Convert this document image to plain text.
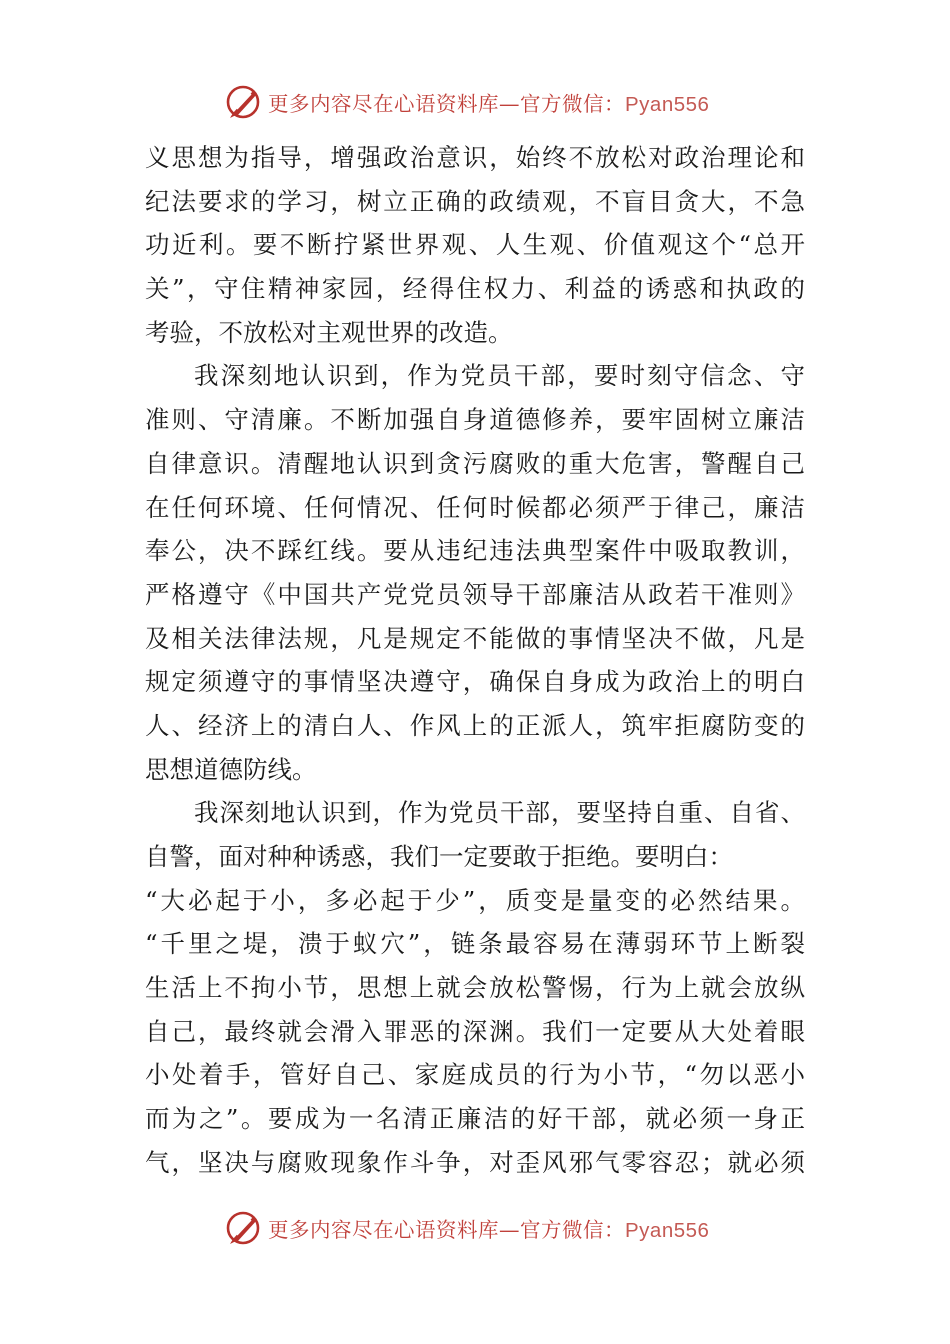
更多内容尽在心语资料库—官方微信：Pyan556

义思想为指导，增强政治意识，始终不放松对政治理论和

纪法要求的学习，树立正确的政绩观，不盲目贪大，不急

功近利。要不断拧紧世界观、人生观、价值观这个“总开

关”，守住精神家园，经得住权力、利益的诱惑和执政的

考验，不放松对主观世界的改造。

我深刻地认识到，作为党员干部，要时刻守信念、守

准则、守清廉。不断加强自身道德修养，要牢固树立廉洁

自律意识。清醒地认识到贪污腐败的重大危害，警醒自己

在任何环境、任何情况、任何时候都必须严于律己，廉洁

奉公，决不踩红线。要从违纪违法典型案件中吸取教训，

严格遵守《中国共产党党员领导干部廉洁从政若干准则》

及相关法律法规，凡是规定不能做的事情坚决不做，凡是

规定须遵守的事情坚决遵守，确保自身成为政治上的明白

人、经济上的清白人、作风上的正派人，筑牢拒腐防变的

思想道德防线。

我深刻地认识到，作为党员干部，要坚持自重、自省、

自警，面对种种诱惑，我们一定要敢于拒绝。要明白：

“大必起于小，多必起于少”，质变是量变的必然结果。

“千里之堤，溃于蚁穴”，链条最容易在薄弱环节上断裂

生活上不拘小节，思想上就会放松警惕，行为上就会放纵

自己，最终就会滑入罪恶的深渊。我们一定要从大处着眼

小处着手，管好自己、家庭成员的行为小节，“勿以恶小

而为之”。要成为一名清正廉洁的好干部，就必须一身正

气，坚决与腐败现象作斗争，对歪风邪气零容忍；就必须

更多内容尽在心语资料库—官方微信：Pyan556
